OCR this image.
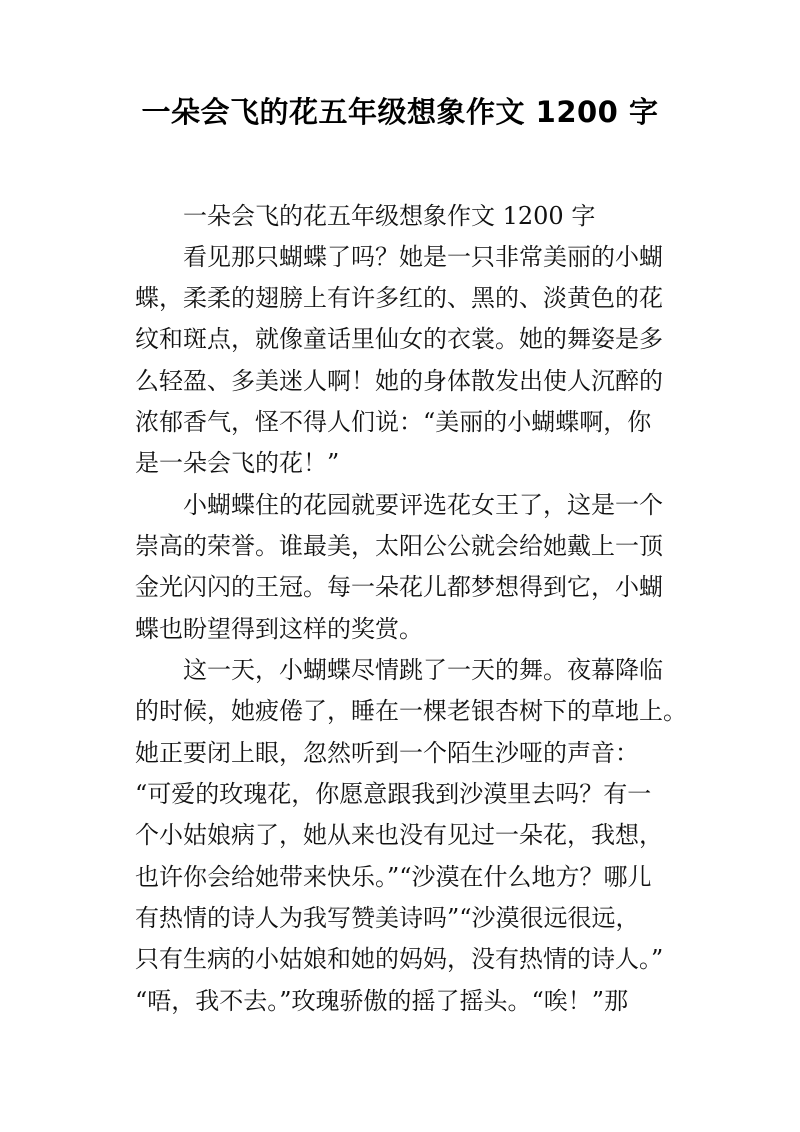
一朵会飞的花五年级想象作文 1200 字
一朵会飞的花五年级想象作文 1200 字
看见那只蝴蝶了吗？她是一只非常美丽的小蝴
蝶，柔柔的翅膀上有许多红的、黑的、淡黄色的花
纹和斑点，就像童话里仙女的衣裳。她的舞姿是多
么轻盈、多美迷人啊！她的身体散发出使人沉醉的
浓郁香气，怪不得人们说：“美丽的小蝴蝶啊，你
是一朵会飞的花！”
小蝴蝶住的花园就要评选花女王了，这是一个
崇高的荣誉。谁最美，太阳公公就会给她戴上一顶
金光闪闪的王冠。每一朵花儿都梦想得到它，小蝴
蝶也盼望得到这样的奖赏。
这一天，小蝴蝶尽情跳了一天的舞。夜幕降临
的时候，她疲倦了，睡在一棵老银杏树下的草地上。
她正要闭上眼，忽然听到一个陌生沙哑的声音：
“可爱的玫瑰花，你愿意跟我到沙漠里去吗？有一
个小姑娘病了，她从来也没有见过一朵花，我想，
也许你会给她带来快乐。”“沙漠在什么地方？哪儿
有热情的诗人为我写赞美诗吗”“沙漠很远很远，
只有生病的小姑娘和她的妈妈，没有热情的诗人。”
“唔，我不去。”玫瑰骄傲的摇了摇头。“唉！”那
